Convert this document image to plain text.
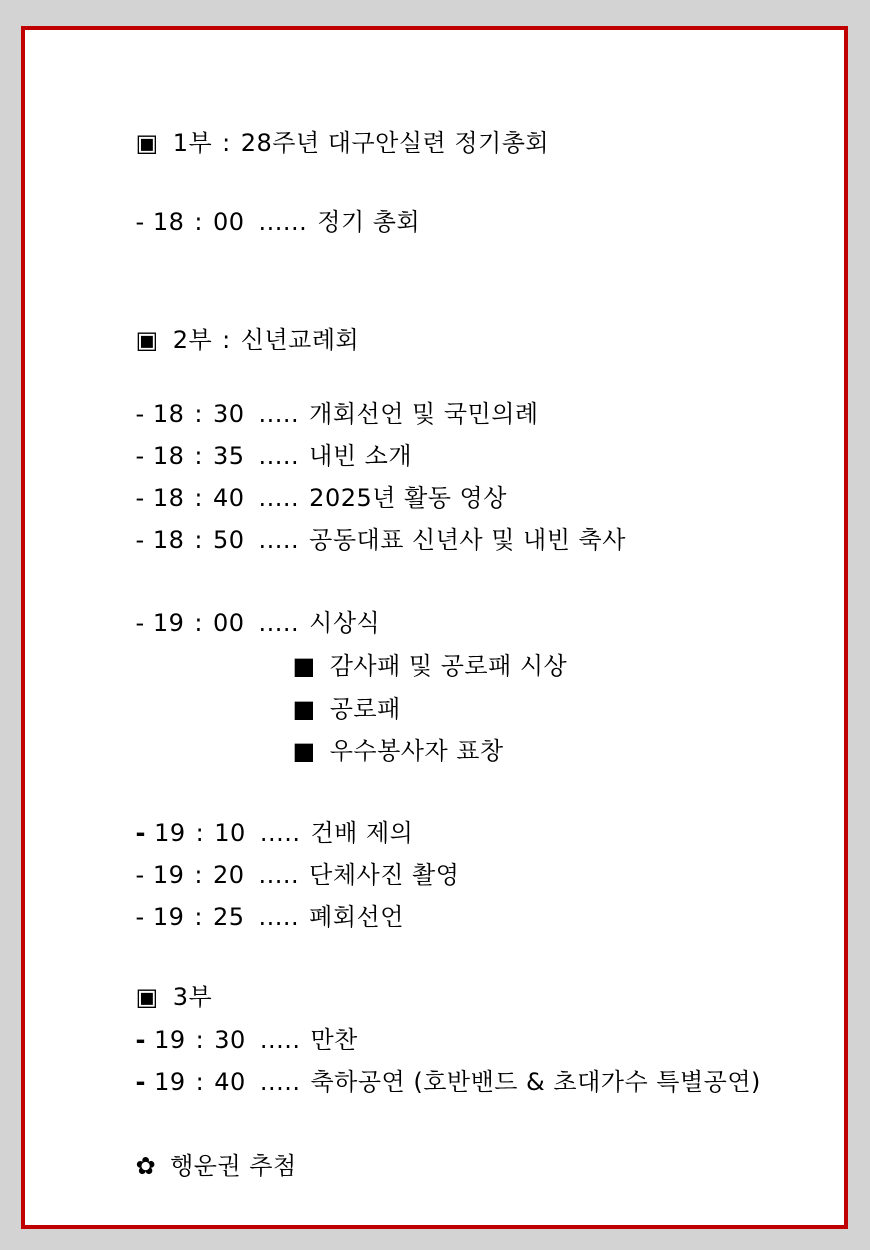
▣ 1부 : 28주년 대구안실련 정기총회

- 18 : 00 ...... 정기 총회

▣ 2부 : 신년교례회

- 18 : 30 ..... 개회선언 및 국민의례

- 18 : 35 ..... 내빈 소개

- 18 : 40 ..... 2025년 활동 영상

- 18 : 50 ..... 공동대표 신년사 및 내빈 축사

- 19 : 00 ..... 시상식

■ 감사패 및 공로패 시상

■ 공로패

■ 우수봉사자 표창

- 19 : 10 ..... 건배 제의

- 19 : 20 ..... 단체사진 촬영

- 19 : 25 ..... 폐회선언

▣ 3부

- 19 : 30 ..... 만찬

- 19 : 40 ..... 축하공연 (호반밴드 & 초대가수 특별공연)

✿ 행운권 추첨
